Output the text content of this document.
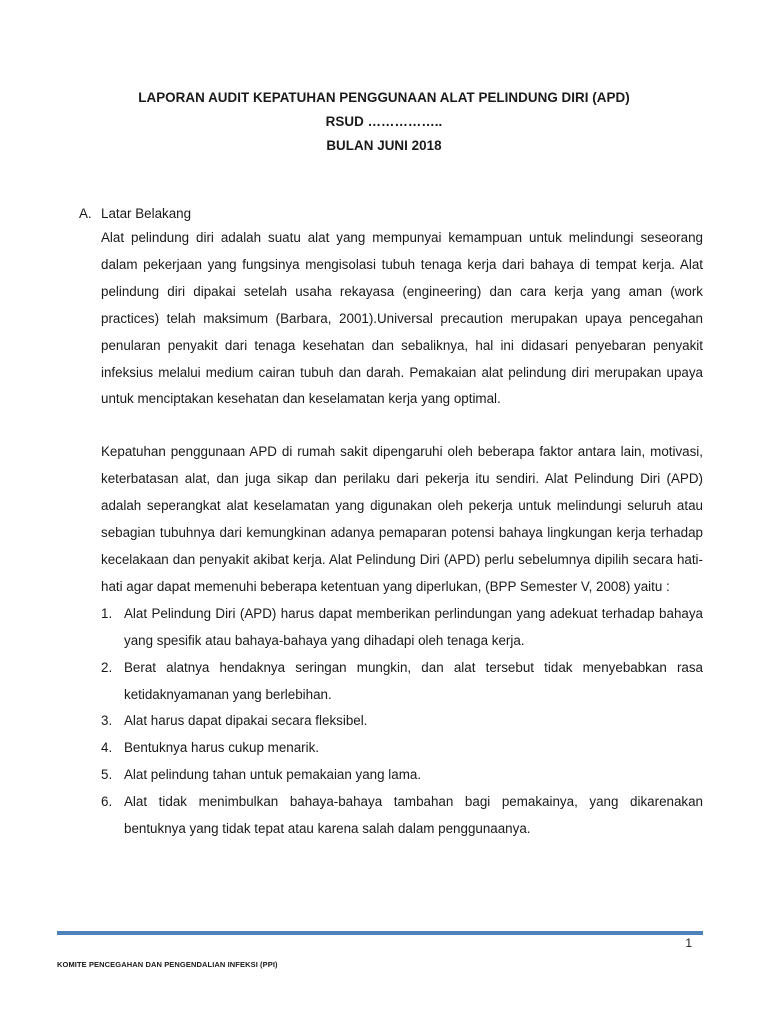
LAPORAN AUDIT KEPATUHAN PENGGUNAAN ALAT PELINDUNG DIRI (APD)
RSUD ……………..
BULAN JUNI 2018
A. Latar Belakang

Alat pelindung diri adalah suatu alat yang mempunyai kemampuan untuk melindungi seseorang dalam pekerjaan yang fungsinya mengisolasi tubuh tenaga kerja dari bahaya di tempat kerja. Alat pelindung diri dipakai setelah usaha rekayasa (engineering) dan cara kerja yang aman (work practices) telah maksimum (Barbara, 2001).Universal precaution merupakan upaya pencegahan penularan penyakit dari tenaga kesehatan dan sebaliknya, hal ini didasari penyebaran penyakit infeksius melalui medium cairan tubuh dan darah. Pemakaian alat pelindung diri merupakan upaya untuk menciptakan kesehatan dan keselamatan kerja yang optimal.

Kepatuhan penggunaan APD di rumah sakit dipengaruhi oleh beberapa faktor antara lain, motivasi, keterbatasan alat, dan juga sikap dan perilaku dari pekerja itu sendiri. Alat Pelindung Diri (APD) adalah seperangkat alat keselamatan yang digunakan oleh pekerja untuk melindungi seluruh atau sebagian tubuhnya dari kemungkinan adanya pemaparan potensi bahaya lingkungan kerja terhadap kecelakaan dan penyakit akibat kerja. Alat Pelindung Diri (APD) perlu sebelumnya dipilih secara hati-hati agar dapat memenuhi beberapa ketentuan yang diperlukan, (BPP Semester V, 2008) yaitu :

1. Alat Pelindung Diri (APD) harus dapat memberikan perlindungan yang adekuat terhadap bahaya yang spesifik atau bahaya-bahaya yang dihadapi oleh tenaga kerja.
2. Berat alatnya hendaknya seringan mungkin, dan alat tersebut tidak menyebabkan rasa ketidaknyamanan yang berlebihan.
3. Alat harus dapat dipakai secara fleksibel.
4. Bentuknya harus cukup menarik.
5. Alat pelindung tahan untuk pemakaian yang lama.
6. Alat tidak menimbulkan bahaya-bahaya tambahan bagi pemakainya, yang dikarenakan bentuknya yang tidak tepat atau karena salah dalam penggunaanya.
1
KOMITE PENCEGAHAN DAN PENGENDALIAN INFEKSI (PPI)
